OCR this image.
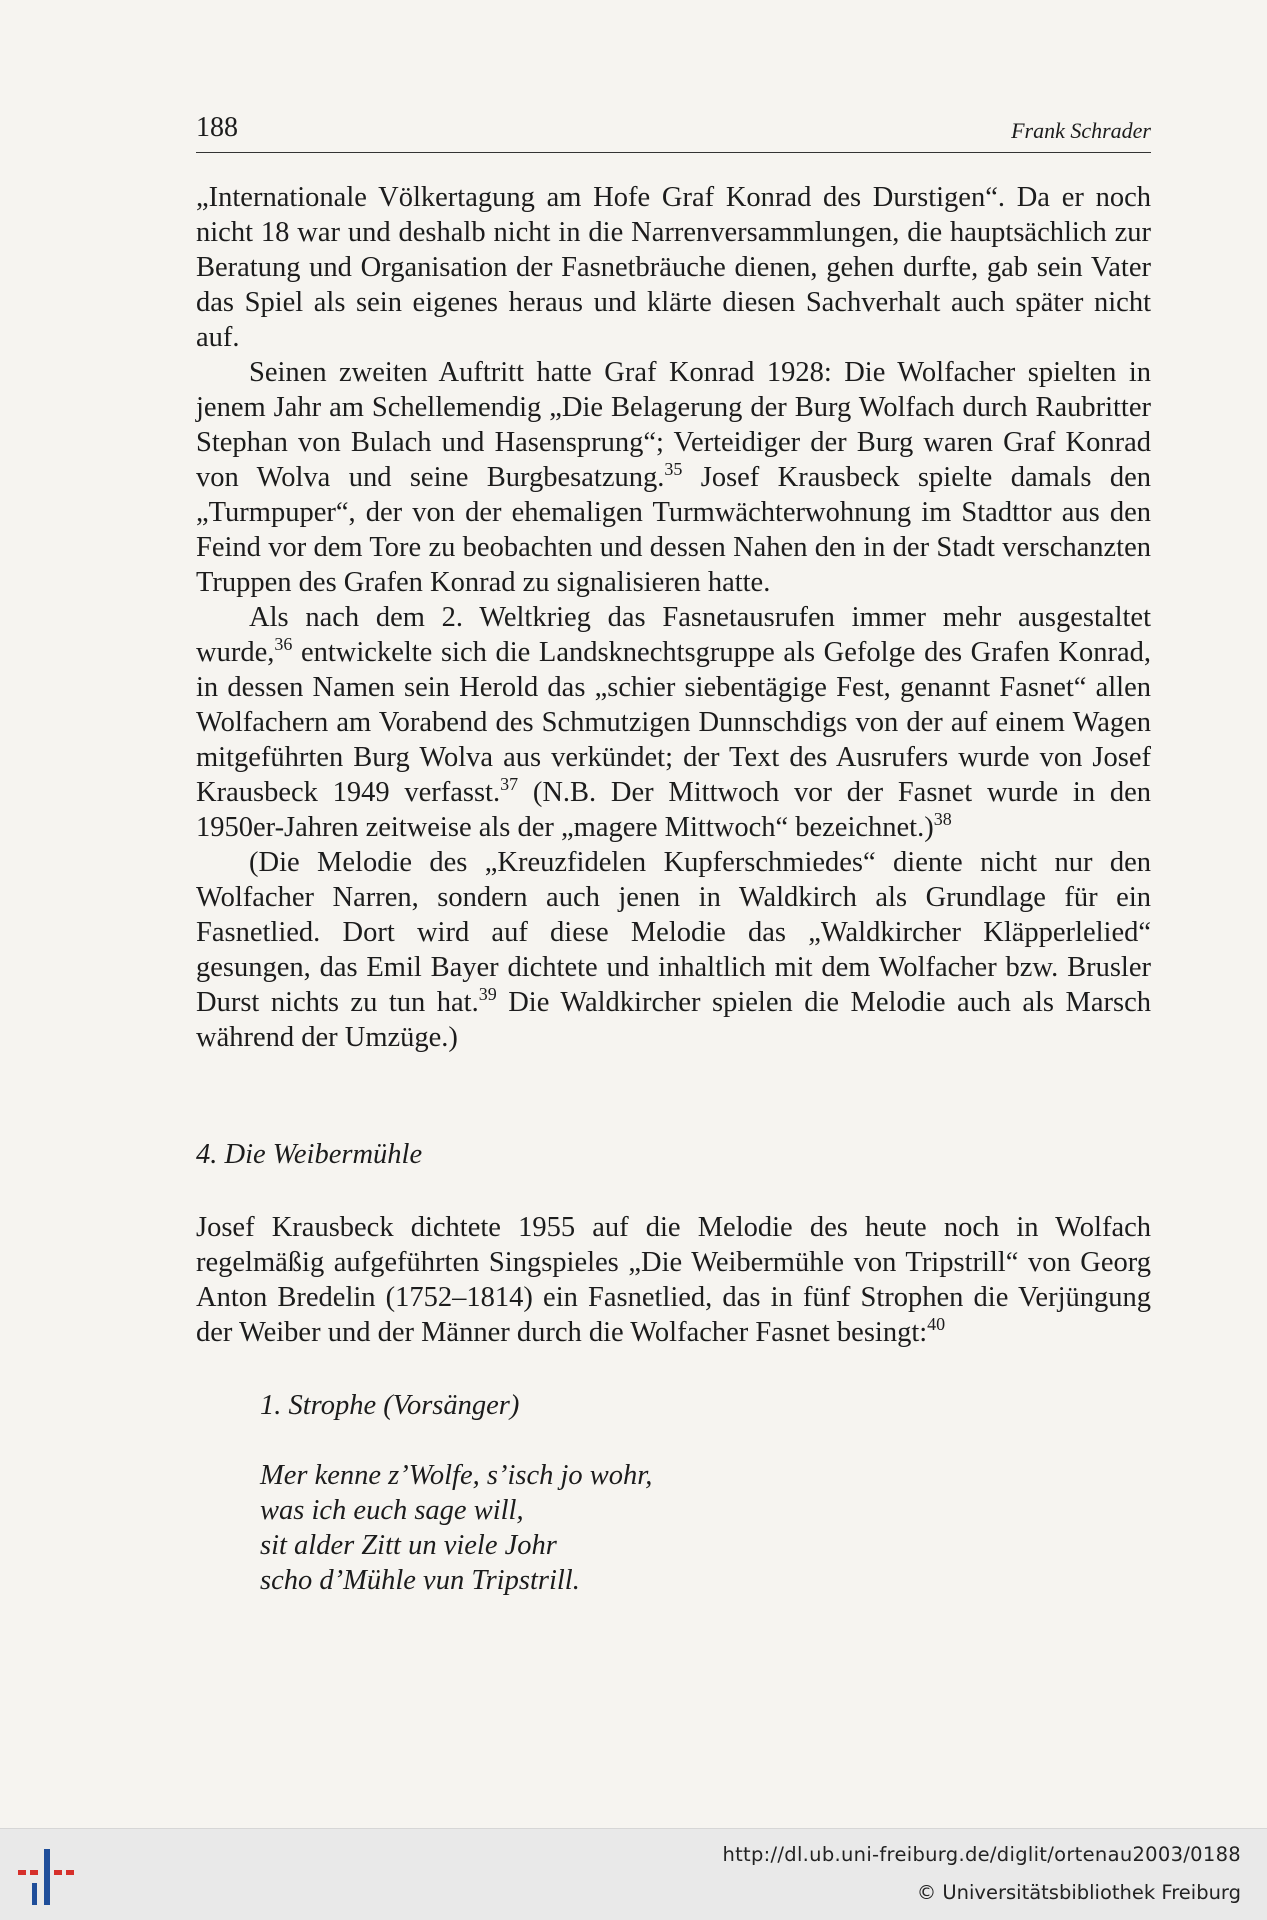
188	Frank Schrader

„Internationale Völkertagung am Hofe Graf Konrad des Durstigen“. Da er noch nicht 18 war und deshalb nicht in die Narrenversammlungen, die hauptsächlich zur Beratung und Organisation der Fasnetbräuche dienen, gehen durfte, gab sein Vater das Spiel als sein eigenes heraus und klärte diesen Sachverhalt auch später nicht auf.

Seinen zweiten Auftritt hatte Graf Konrad 1928: Die Wolfacher spielten in jenem Jahr am Schellemendig „Die Belagerung der Burg Wolfach durch Raubritter Stephan von Bulach und Hasensprung“; Verteidiger der Burg waren Graf Konrad von Wolva und seine Burgbesatzung.$^{35}$ Josef Krausbeck spielte damals den „Turmpuper“, der von der ehemaligen Turmwächterwohnung im Stadttor aus den Feind vor dem Tore zu beobachten und dessen Nahen den in der Stadt verschanzten Truppen des Grafen Konrad zu signalisieren hatte.

Als nach dem 2. Weltkrieg das Fasnetausrufen immer mehr ausgestaltet wurde,$^{36}$ entwickelte sich die Landsknechtsgruppe als Gefolge des Grafen Konrad, in dessen Namen sein Herold das „schier siebentägige Fest, genannt Fasnet“ allen Wolfachern am Vorabend des Schmutzigen Dunnschdigs von der auf einem Wagen mitgeführten Burg Wolva aus verkündet; der Text des Ausrufers wurde von Josef Krausbeck 1949 verfasst.$^{37}$ (N.B. Der Mittwoch vor der Fasnet wurde in den 1950er-Jahren zeitweise als der „magere Mittwoch“ bezeichnet.)$^{38}$

(Die Melodie des „Kreuzfidelen Kupferschmiedes“ diente nicht nur den Wolfacher Narren, sondern auch jenen in Waldkirch als Grundlage für ein Fasnetlied. Dort wird auf diese Melodie das „Waldkircher Kläpperlelied“ gesungen, das Emil Bayer dichtete und inhaltlich mit dem Wolfacher bzw. Brusler Durst nichts zu tun hat.$^{39}$ Die Waldkircher spielen die Melodie auch als Marsch während der Umzüge.)

4. Die Weibermühle

Josef Krausbeck dichtete 1955 auf die Melodie des heute noch in Wolfach regelmäßig aufgeführten Singspieles „Die Weibermühle von Tripstrill“ von Georg Anton Bredelin (1752–1814) ein Fasnetlied, das in fünf Strophen die Verjüngung der Weiber und der Männer durch die Wolfacher Fasnet besingt:$^{40}$

1. Strophe (Vorsänger)
Mer kenne z’Wolfe, s’isch jo wohr,
was ich euch sage will,
sit alder Zitt un viele Johr
scho d’Mühle vun Tripstrill.
http://dl.ub.uni-freiburg.de/diglit/ortenau2003/0188
© Universitätsbibliothek Freiburg
